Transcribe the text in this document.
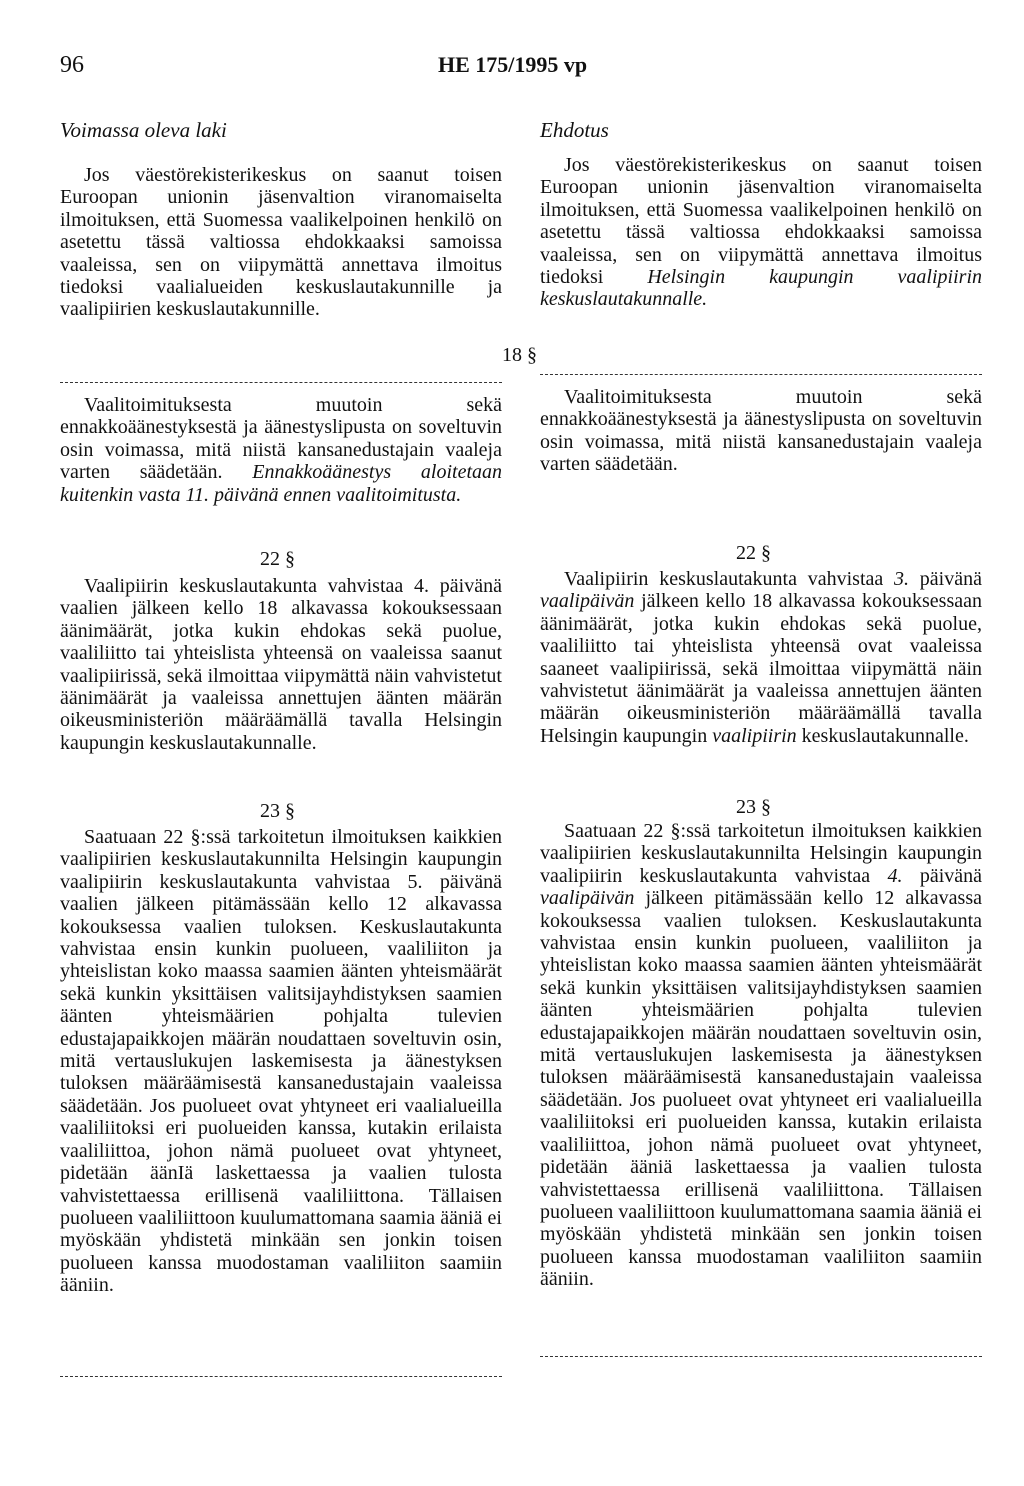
96	HE 175/1995 vp
18 §
Voimassa oleva laki

Jos väestörekisterikeskus on saanut toisen Euroopan unionin jäsenvaltion viranomaiselta ilmoituksen, että Suomessa vaalikelpoinen henkilö on asetettu tässä valtiossa ehdokkaaksi samoissa vaaleissa, sen on viipymättä annettava ilmoitus tiedoksi vaalialueiden keskuslautakunnille ja vaalipiirien keskuslautakunnille.

Vaalitoimituksesta muutoin sekä ennakkoäänestyksestä ja äänestyslipusta on soveltuvin osin voimassa, mitä niistä kansanedustajain vaaleja varten säädetään. Ennakkoäänestys aloitetaan kuitenkin vasta 11. päivänä ennen vaalitoimitusta.

22 §

Vaalipiirin keskuslautakunta vahvistaa 4. päivänä vaalien jälkeen kello 18 alkavassa kokouksessaan äänimäärät, jotka kukin ehdokas sekä puolue, vaaliliitto tai yhteislista yhteensä on vaaleissa saanut vaalipiirissä, sekä ilmoittaa viipymättä näin vahvistetut äänimäärät ja vaaleissa annettujen äänten määrän oikeusministeriön määräämällä tavalla Helsingin kaupungin keskuslautakunnalle.

23 §

Saatuaan 22 §:ssä tarkoitetun ilmoituksen kaikkien vaalipiirien keskuslautakunnilta Helsingin kaupungin vaalipiirin keskuslautakunta vahvistaa 5. päivänä vaalien jälkeen pitämässään kello 12 alkavassa kokouksessa vaalien tuloksen. Keskuslautakunta vahvistaa ensin kunkin puolueen, vaaliliiton ja yhteislistan koko maassa saamien äänten yhteismäärät sekä kunkin yksittäisen valitsijayhdistyksen saamien äänten yhteismäärien pohjalta tulevien edustajapaikkojen määrän noudattaen soveltuvin osin, mitä vertauslukujen laskemisesta ja äänestyksen tuloksen määräämisestä kansanedustajain vaaleissa säädetään. Jos puolueet ovat yhtyneet eri vaalialueilla vaaliliitoksi eri puolueiden kanssa, kutakin erilaista vaaliliittoa, johon nämä puolueet ovat yhtyneet, pidetään äänIä laskettaessa ja vaalien tulosta vahvistettaessa erillisenä vaaliliittona. Tällaisen puolueen vaaliliittoon kuulumattomana saamia ääniä ei myöskään yhdistetä minkään sen jonkin toisen puolueen kanssa muodostaman vaaliliiton saamiin ääniin.

Ehdotus

Jos väestörekisterikeskus on saanut toisen Euroopan unionin jäsenvaltion viranomaiselta ilmoituksen, että Suomessa vaalikelpoinen henkilö on asetettu tässä valtiossa ehdokkaaksi samoissa vaaleissa, sen on viipymättä annettava ilmoitus tiedoksi Helsingin kaupungin vaalipiirin keskuslautakunnalle.

Vaalitoimituksesta muutoin sekä ennakkoäänestyksestä ja äänestyslipusta on soveltuvin osin voimassa, mitä niistä kansanedustajain vaaleja varten säädetään.

22 §

Vaalipiirin keskuslautakunta vahvistaa 3. päivänä vaalipäivän jälkeen kello 18 alkavassa kokouksessaan äänimäärät, jotka kukin ehdokas sekä puolue, vaaliliitto tai yhteislista yhteensä ovat vaaleissa saaneet vaalipiirissä, sekä ilmoittaa viipymättä näin vahvistetut äänimäärät ja vaaleissa annettujen äänten määrän oikeusministeriön määräämällä tavalla Helsingin kaupungin vaalipiirin keskuslautakunnalle.

23 §

Saatuaan 22 §:ssä tarkoitetun ilmoituksen kaikkien vaalipiirien keskuslautakunnilta Helsingin kaupungin vaalipiirin keskuslautakunta vahvistaa 4. päivänä vaalipäivän jälkeen pitämässään kello 12 alkavassa kokouksessa vaalien tuloksen. Keskuslautakunta vahvistaa ensin kunkin puolueen, vaaliliiton ja yhteislistan koko maassa saamien äänten yhteismäärät sekä kunkin yksittäisen valitsijayhdistyksen saamien äänten yhteismäärien pohjalta tulevien edustajapaikkojen määrän noudattaen soveltuvin osin, mitä vertauslukujen laskemisesta ja äänestyksen tuloksen määräämisestä kansanedustajain vaaleissa säädetään. Jos puolueet ovat yhtyneet eri vaalialueilla vaaliliitoksi eri puolueiden kanssa, kutakin erilaista vaaliliittoa, johon nämä puolueet ovat yhtyneet, pidetään ääniä laskettaessa ja vaalien tulosta vahvistettaessa erillisenä vaaliliittona. Tällaisen puolueen vaaliliittoon kuulumattomana saamia ääniä ei myöskään yhdistetä minkään sen jonkin toisen puolueen kanssa muodostaman vaaliliiton saamiin ääniin.
